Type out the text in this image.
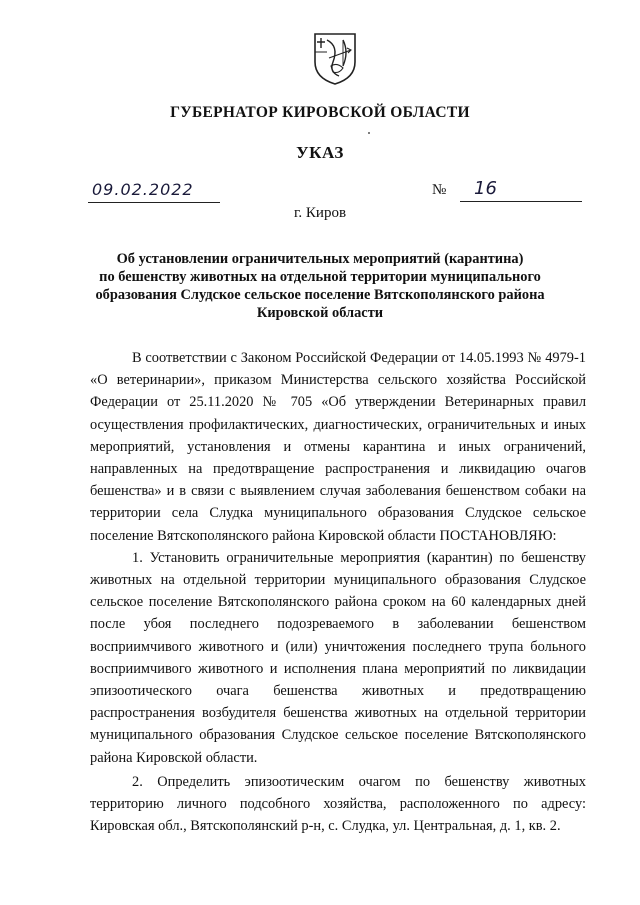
ГУБЕРНАТОР КИРОВСКОЙ ОБЛАСТИ
УКАЗ
09.02.2022	№ 16
г. Киров
Об установлении ограничительных мероприятий (карантина)
по бешенству животных на отдельной территории муниципального
образования Слудское сельское поселение Вятскополянского района
Кировской области

В соответствии с Законом Российской Федерации от 14.05.1993 № 4979-1 «О ветеринарии», приказом Министерства сельского хозяйства Российской Федерации от 25.11.2020 № 705 «Об утверждении Ветеринарных правил осуществления профилактических, диагностических, ограничительных и иных мероприятий, установления и отмены карантина и иных ограничений, направленных на предотвращение распространения и ликвидацию очагов бешенства» и в связи с выявлением случая заболевания бешенством собаки на территории села Слудка муниципального образования Слудское сельское поселение Вятскополянского района Кировской области ПОСТАНОВЛЯЮ:

1. Установить ограничительные мероприятия (карантин) по бешенству животных на отдельной территории муниципального образования Слудское сельское поселение Вятскополянского района сроком на 60 календарных дней после убоя последнего подозреваемого в заболевании бешенством восприимчивого животного и (или) уничтожения последнего трупа больного восприимчивого животного и исполнения плана мероприятий по ликвидации эпизоотического очага бешенства животных и предотвращению распространения возбудителя бешенства животных на отдельной территории муниципального образования Слудское сельское поселение Вятскополянского района Кировской области.

2. Определить эпизоотическим очагом по бешенству животных территорию личного подсобного хозяйства, расположенного по адресу: Кировская обл., Вятскополянский р-н, с. Слудка, ул. Центральная, д. 1, кв. 2.
